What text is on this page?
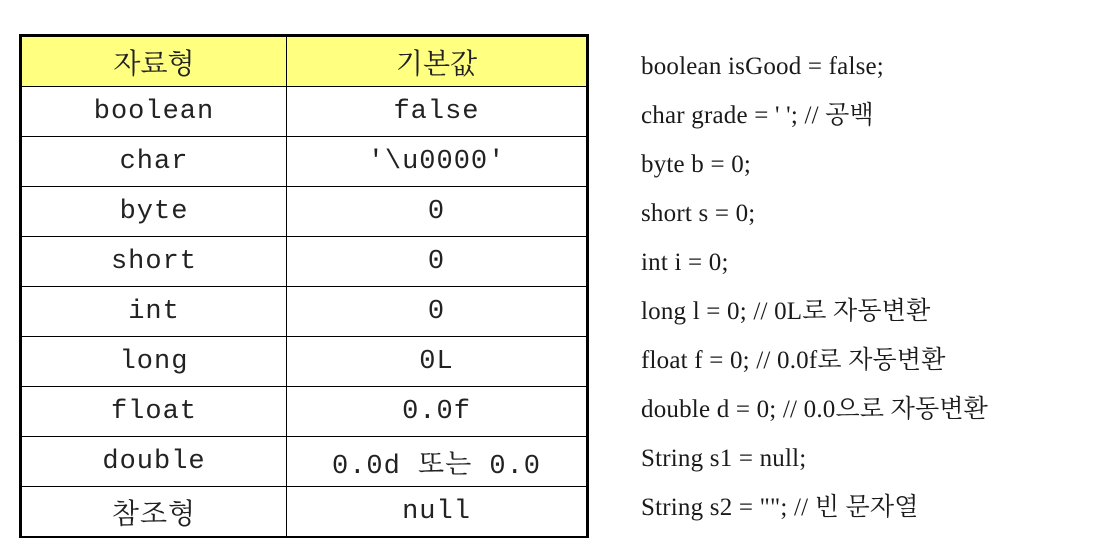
자료형	기본값
boolean	false
char	'\u0000'
byte	0
short	0
int	0
long	0L
float	0.0f
double	0.0d 또는 0.0
참조형	null
boolean isGood = false;
char grade = ' '; // 공백
byte b = 0;
short s = 0;
int i = 0;
long l = 0; // 0L로 자동변환
float f = 0; // 0.0f로 자동변환
double d = 0; // 0.0으로 자동변환
String s1 = null;
String s2 = ""; // 빈 문자열
